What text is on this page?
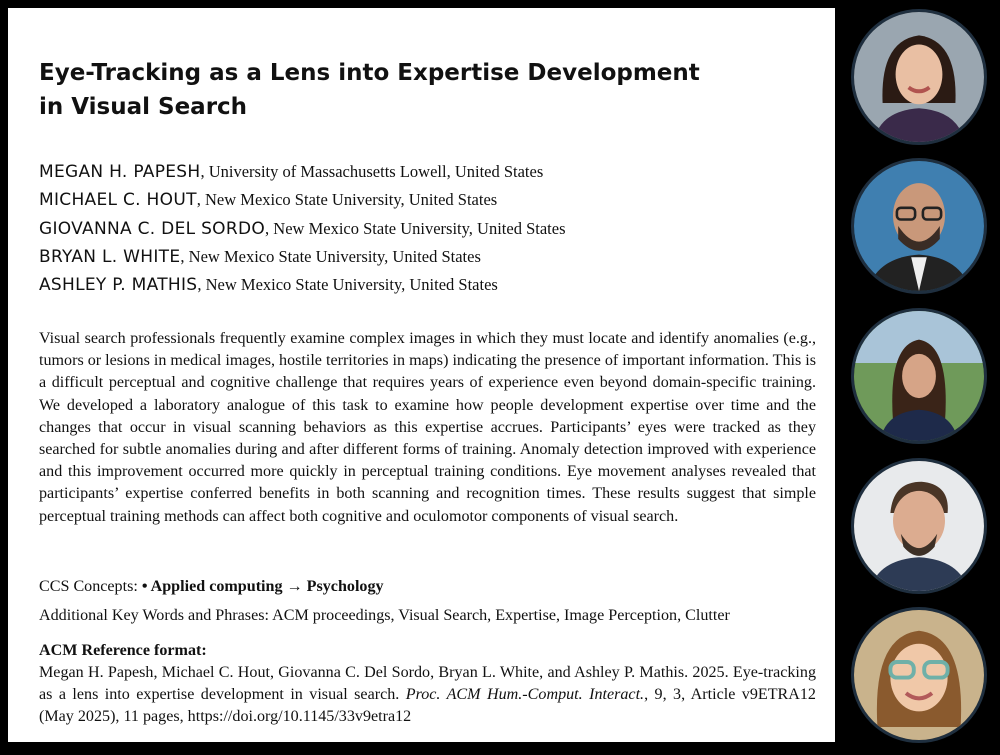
Eye-Tracking as a Lens into Expertise Development
in Visual Search
MEGAN H. PAPESH, University of Massachusetts Lowell, United States
MICHAEL C. HOUT, New Mexico State University, United States
GIOVANNA C. DEL SORDO, New Mexico State University, United States
BRYAN L. WHITE, New Mexico State University, United States
ASHLEY P. MATHIS, New Mexico State University, United States

Visual search professionals frequently examine complex images in which they must locate and identify anomalies (e.g., tumors or lesions in medical images, hostile territories in maps) indicating the presence of important information. This is a difficult perceptual and cognitive challenge that requires years of experience even beyond domain-specific training. We developed a laboratory analogue of this task to examine how people development expertise over time and the changes that occur in visual scanning behaviors as this expertise accrues. Participants’ eyes were tracked as they searched for subtle anomalies during and after different forms of training. Anomaly detection improved with experience and this improvement occurred more quickly in perceptual training conditions. Eye movement analyses revealed that participants’ expertise conferred benefits in both scanning and recognition times. These results suggest that simple perceptual training methods can affect both cognitive and oculomotor components of visual search.

CCS Concepts: • Applied computing → Psychology
Additional Key Words and Phrases: ACM proceedings, Visual Search, Expertise, Image Perception, Clutter
ACM Reference format:

Megan H. Papesh, Michael C. Hout, Giovanna C. Del Sordo, Bryan L. White, and Ashley P. Mathis. 2025. Eye-tracking as a lens into expertise development in visual search. Proc. ACM Hum.-Comput. Interact., 9, 3, Article v9ETRA12 (May 2025), 11 pages, https://doi.org/10.1145/33v9etra12
